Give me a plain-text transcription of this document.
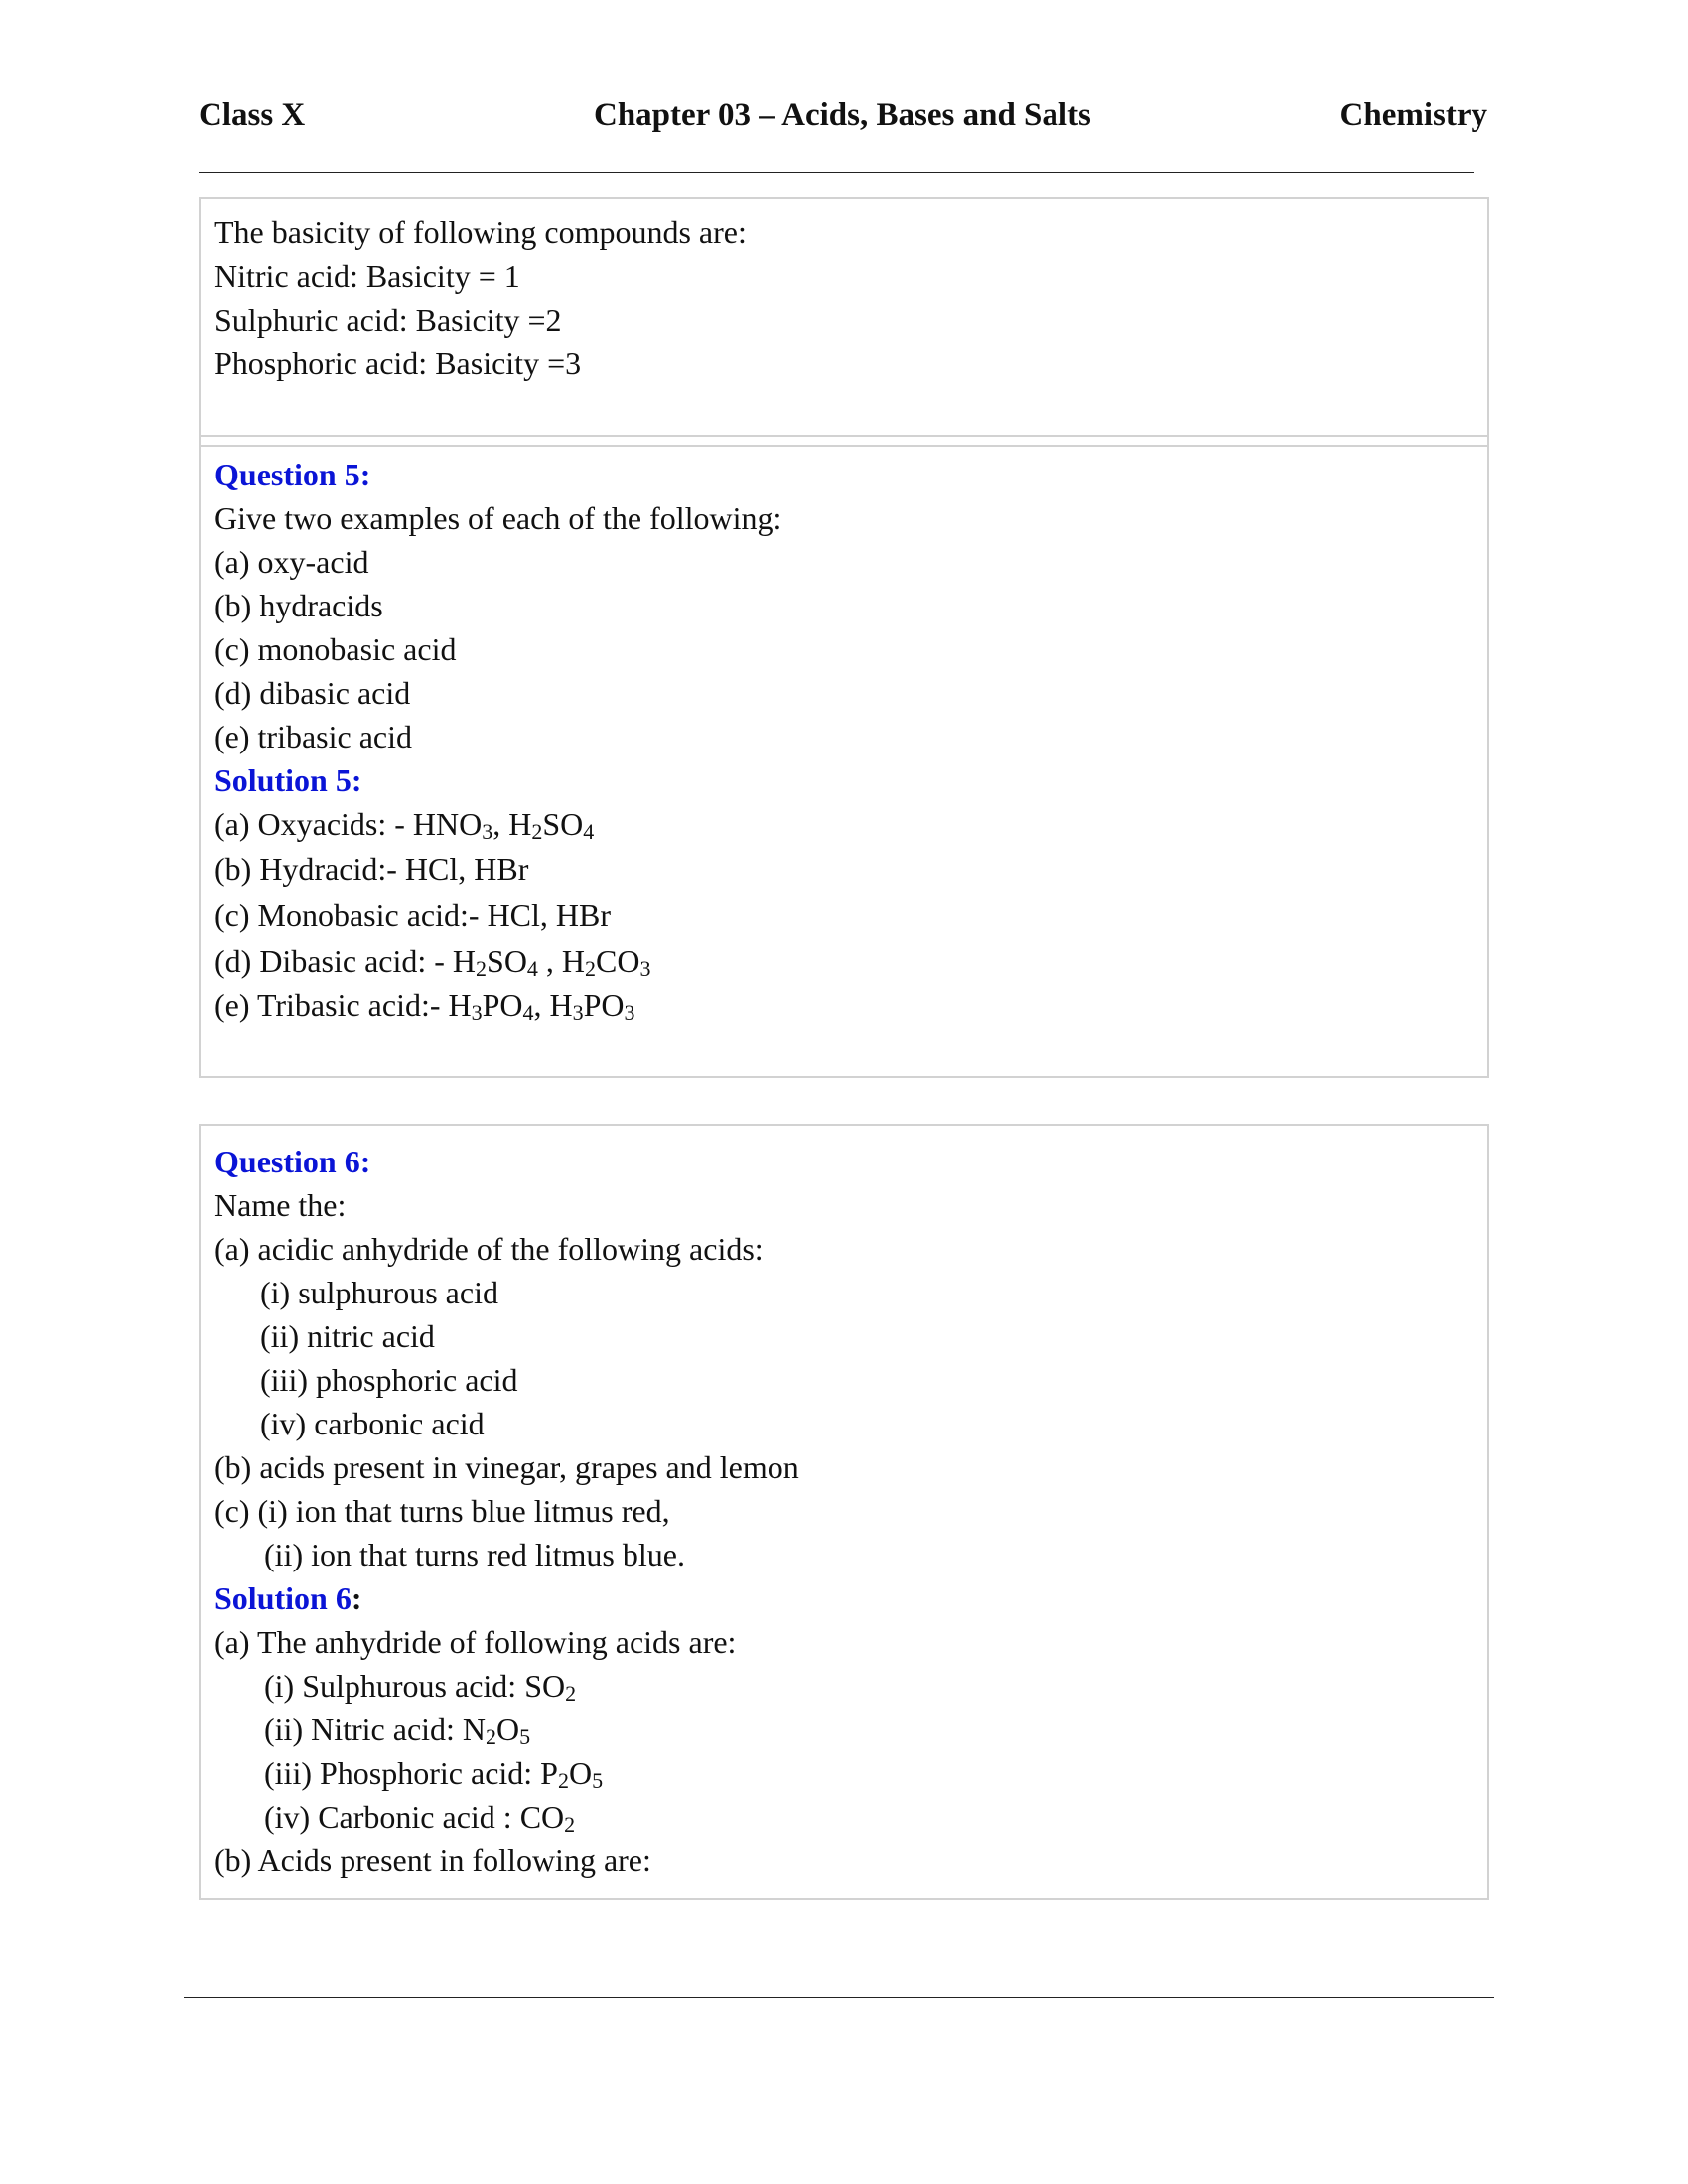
Class X	Chapter 03 – Acids, Bases and Salts	Chemistry
The basicity of following compounds are:
Nitric acid: Basicity = 1
Sulphuric acid: Basicity =2
Phosphoric acid: Basicity =3
Question 5:
Give two examples of each of the following:
(a) oxy-acid
(b) hydracids
(c) monobasic acid
(d) dibasic acid
(e) tribasic acid
Solution 5:
(a) Oxyacids: - $HNO_3$, $H_2SO_4$
(b) Hydracid:- HCl, HBr
(c) Monobasic acid:- HCl, HBr
(d) Dibasic acid: - $H_2SO_4$ , $H_2CO_3$
(e) Tribasic acid:- $H_3PO_4$, $H_3PO_3$
Question 6:
Name the:
(a) acidic anhydride of the following acids:
(i) sulphurous acid
(ii) nitric acid
(iii) phosphoric acid
(iv) carbonic acid
(b) acids present in vinegar, grapes and lemon
(c) (i) ion that turns blue litmus red,
(ii) ion that turns red litmus blue.
Solution 6:
(a) The anhydride of following acids are:
(i) Sulphurous acid: $SO_2$
(ii) Nitric acid: $N_2O_5$
(iii) Phosphoric acid: $P_2O_5$
(iv) Carbonic acid : $CO_2$
(b) Acids present in following are:
